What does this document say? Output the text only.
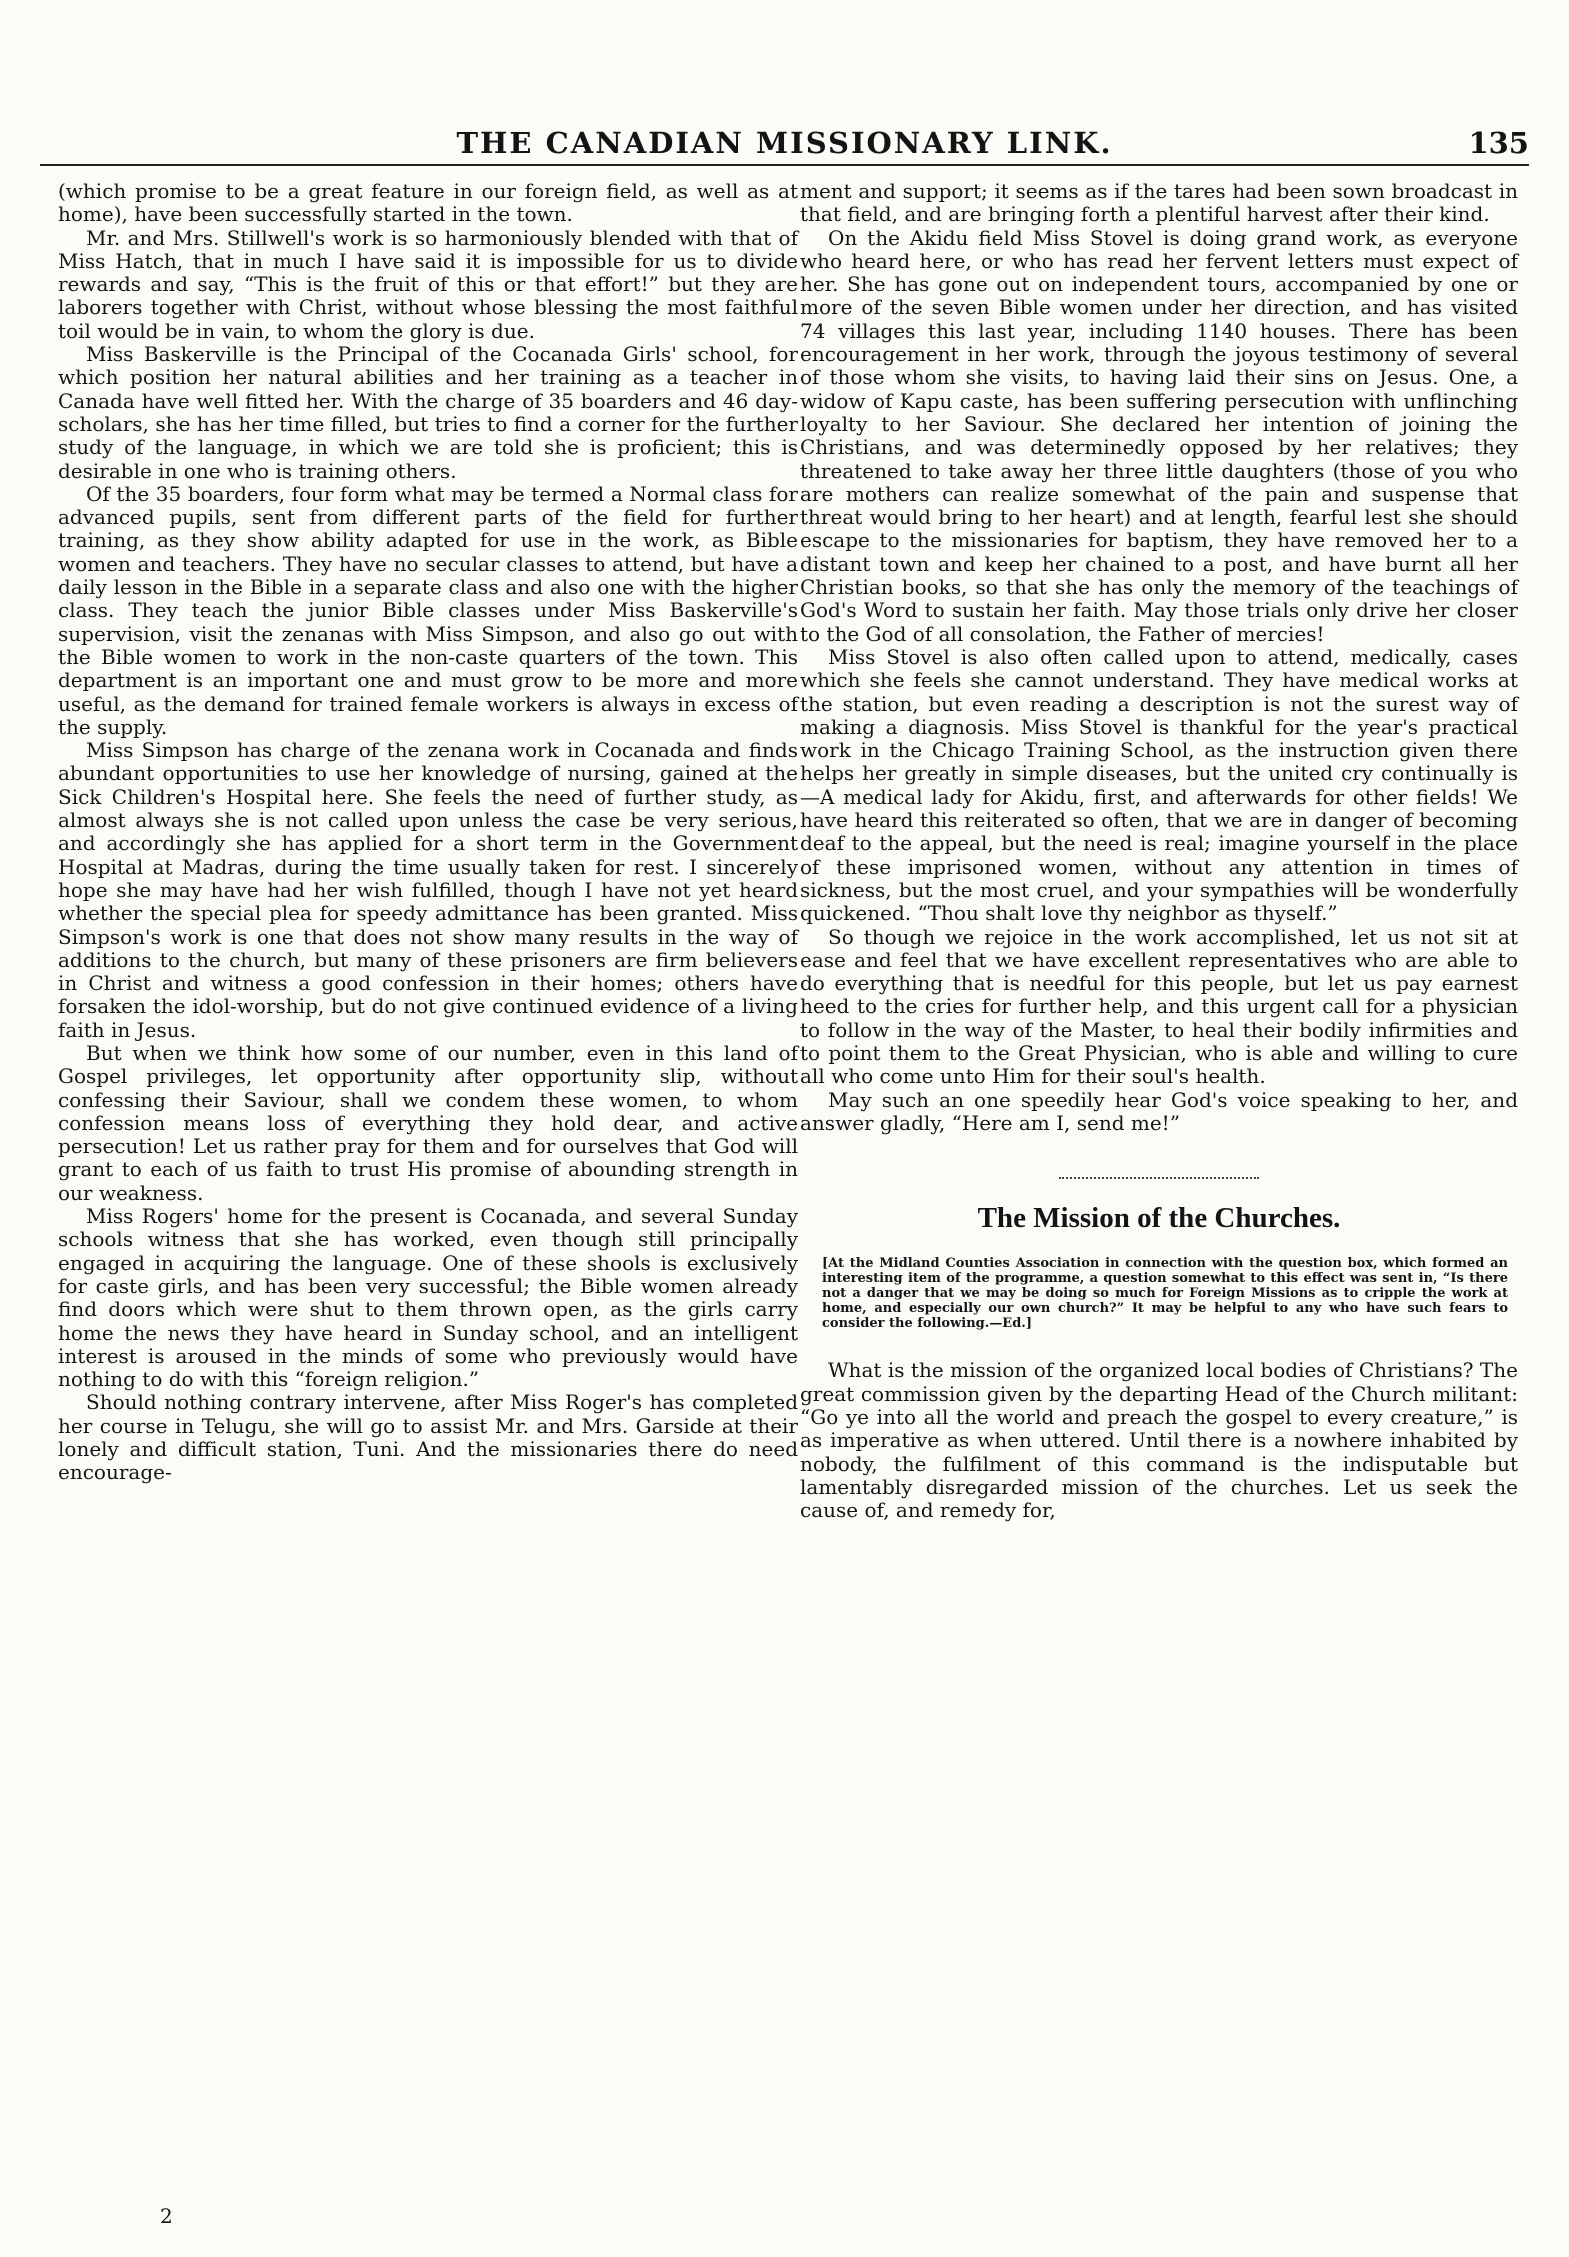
THE CANADIAN MISSIONARY LINK.	135

(which promise to be a great feature in our foreign field, as well as at home), have been successfully started in the town.

Mr. and Mrs. Stillwell's work is so harmoniously blended with that of Miss Hatch, that in much I have said it is impossible for us to divide rewards and say, “This is the fruit of this or that effort!” but they are laborers together with Christ, without whose blessing the most faithful toil would be in vain, to whom the glory is due.

Miss Baskerville is the Principal of the Cocanada Girls' school, for which position her natural abilities and her training as a teacher in Canada have well fitted her. With the charge of 35 boarders and 46 day-scholars, she has her time filled, but tries to find a corner for the further study of the language, in which we are told she is proficient; this is desirable in one who is training others.

Of the 35 boarders, four form what may be termed a Normal class for advanced pupils, sent from different parts of the field for further training, as they show ability adapted for use in the work, as Bible women and teachers. They have no secular classes to attend, but have a daily lesson in the Bible in a separate class and also one with the higher class. They teach the junior Bible classes under Miss Baskerville's supervision, visit the zenanas with Miss Simpson, and also go out with the Bible women to work in the non-caste quarters of the town. This department is an important one and must grow to be more and more useful, as the demand for trained female workers is always in excess of the supply.

Miss Simpson has charge of the zenana work in Cocanada and finds abundant opportunities to use her knowledge of nursing, gained at the Sick Children's Hospital here. She feels the need of further study, as almost always she is not called upon unless the case be very serious, and accordingly she has applied for a short term in the Government Hospital at Madras, during the time usually taken for rest. I sincerely hope she may have had her wish fulfilled, though I have not yet heard whether the special plea for speedy admittance has been granted. Miss Simpson's work is one that does not show many results in the way of additions to the church, but many of these prisoners are firm believers in Christ and witness a good confession in their homes; others have forsaken the idol-worship, but do not give continued evidence of a living faith in Jesus.

But when we think how some of our number, even in this land of Gospel privileges, let opportunity after opportunity slip, without confessing their Saviour, shall we condem these women, to whom confession means loss of everything they hold dear, and active persecution! Let us rather pray for them and for ourselves that God will grant to each of us faith to trust His promise of abounding strength in our weakness.

Miss Rogers' home for the present is Cocanada, and several Sunday schools witness that she has worked, even though still principally engaged in acquiring the language. One of these shools is exclusively for caste girls, and has been very successful; the Bible women already find doors which were shut to them thrown open, as the girls carry home the news they have heard in Sunday school, and an intelligent interest is aroused in the minds of some who previously would have nothing to do with this “foreign religion.”

Should nothing contrary intervene, after Miss Roger's has completed her course in Telugu, she will go to assist Mr. and Mrs. Garside at their lonely and difficult station, Tuni. And the missionaries there do need encourage-

ment and support; it seems as if the tares had been sown broadcast in that field, and are bringing forth a plentiful harvest after their kind.

On the Akidu field Miss Stovel is doing grand work, as everyone who heard here, or who has read her fervent letters must expect of her. She has gone out on independent tours, accompanied by one or more of the seven Bible women under her direction, and has visited 74 villages this last year, including 1140 houses. There has been encouragement in her work, through the joyous testimony of several of those whom she visits, to having laid their sins on Jesus. One, a widow of Kapu caste, has been suffering persecution with unflinching loyalty to her Saviour. She declared her intention of joining the Christians, and was determinedly opposed by her relatives; they threatened to take away her three little daughters (those of you who are mothers can realize somewhat of the pain and suspense that threat would bring to her heart) and at length, fearful lest she should escape to the missionaries for baptism, they have removed her to a distant town and keep her chained to a post, and have burnt all her Christian books, so that she has only the memory of the teachings of God's Word to sustain her faith. May those trials only drive her closer to the God of all consolation, the Father of mercies!

Miss Stovel is also often called upon to attend, medically, cases which she feels she cannot understand. They have medical works at the station, but even reading a description is not the surest way of making a diagnosis. Miss Stovel is thankful for the year's practical work in the Chicago Training School, as the instruction given there helps her greatly in simple diseases, but the united cry continually is—A medical lady for Akidu, first, and afterwards for other fields! We have heard this reiterated so often, that we are in danger of becoming deaf to the appeal, but the need is real; imagine yourself in the place of these imprisoned women, without any attention in times of sickness, but the most cruel, and your sympathies will be wonderfully quickened. “Thou shalt love thy neighbor as thyself.”

So though we rejoice in the work accomplished, let us not sit at ease and feel that we have excellent representatives who are able to do everything that is needful for this people, but let us pay earnest heed to the cries for further help, and this urgent call for a physician to follow in the way of the Master, to heal their bodily infirmities and to point them to the Great Physician, who is able and willing to cure all who come unto Him for their soul's health.

May such an one speedily hear God's voice speaking to her, and answer gladly, “Here am I, send me!”

The Mission of the Churches.
[At the Midland Counties Association in connection with the question box, which formed an interesting item of the programme, a question somewhat to this effect was sent in, “Is there not a danger that we may be doing so much for Foreign Missions as to cripple the work at home, and especially our own church?” It may be helpful to any who have such fears to consider the following.—Ed.]

What is the mission of the organized local bodies of Christians? The great commission given by the departing Head of the Church militant: “Go ye into all the world and preach the gospel to every creature,” is as imperative as when uttered. Until there is a nowhere inhabited by nobody, the fulfilment of this command is the indisputable but lamentably disregarded mission of the churches. Let us seek the cause of, and remedy for,

2
